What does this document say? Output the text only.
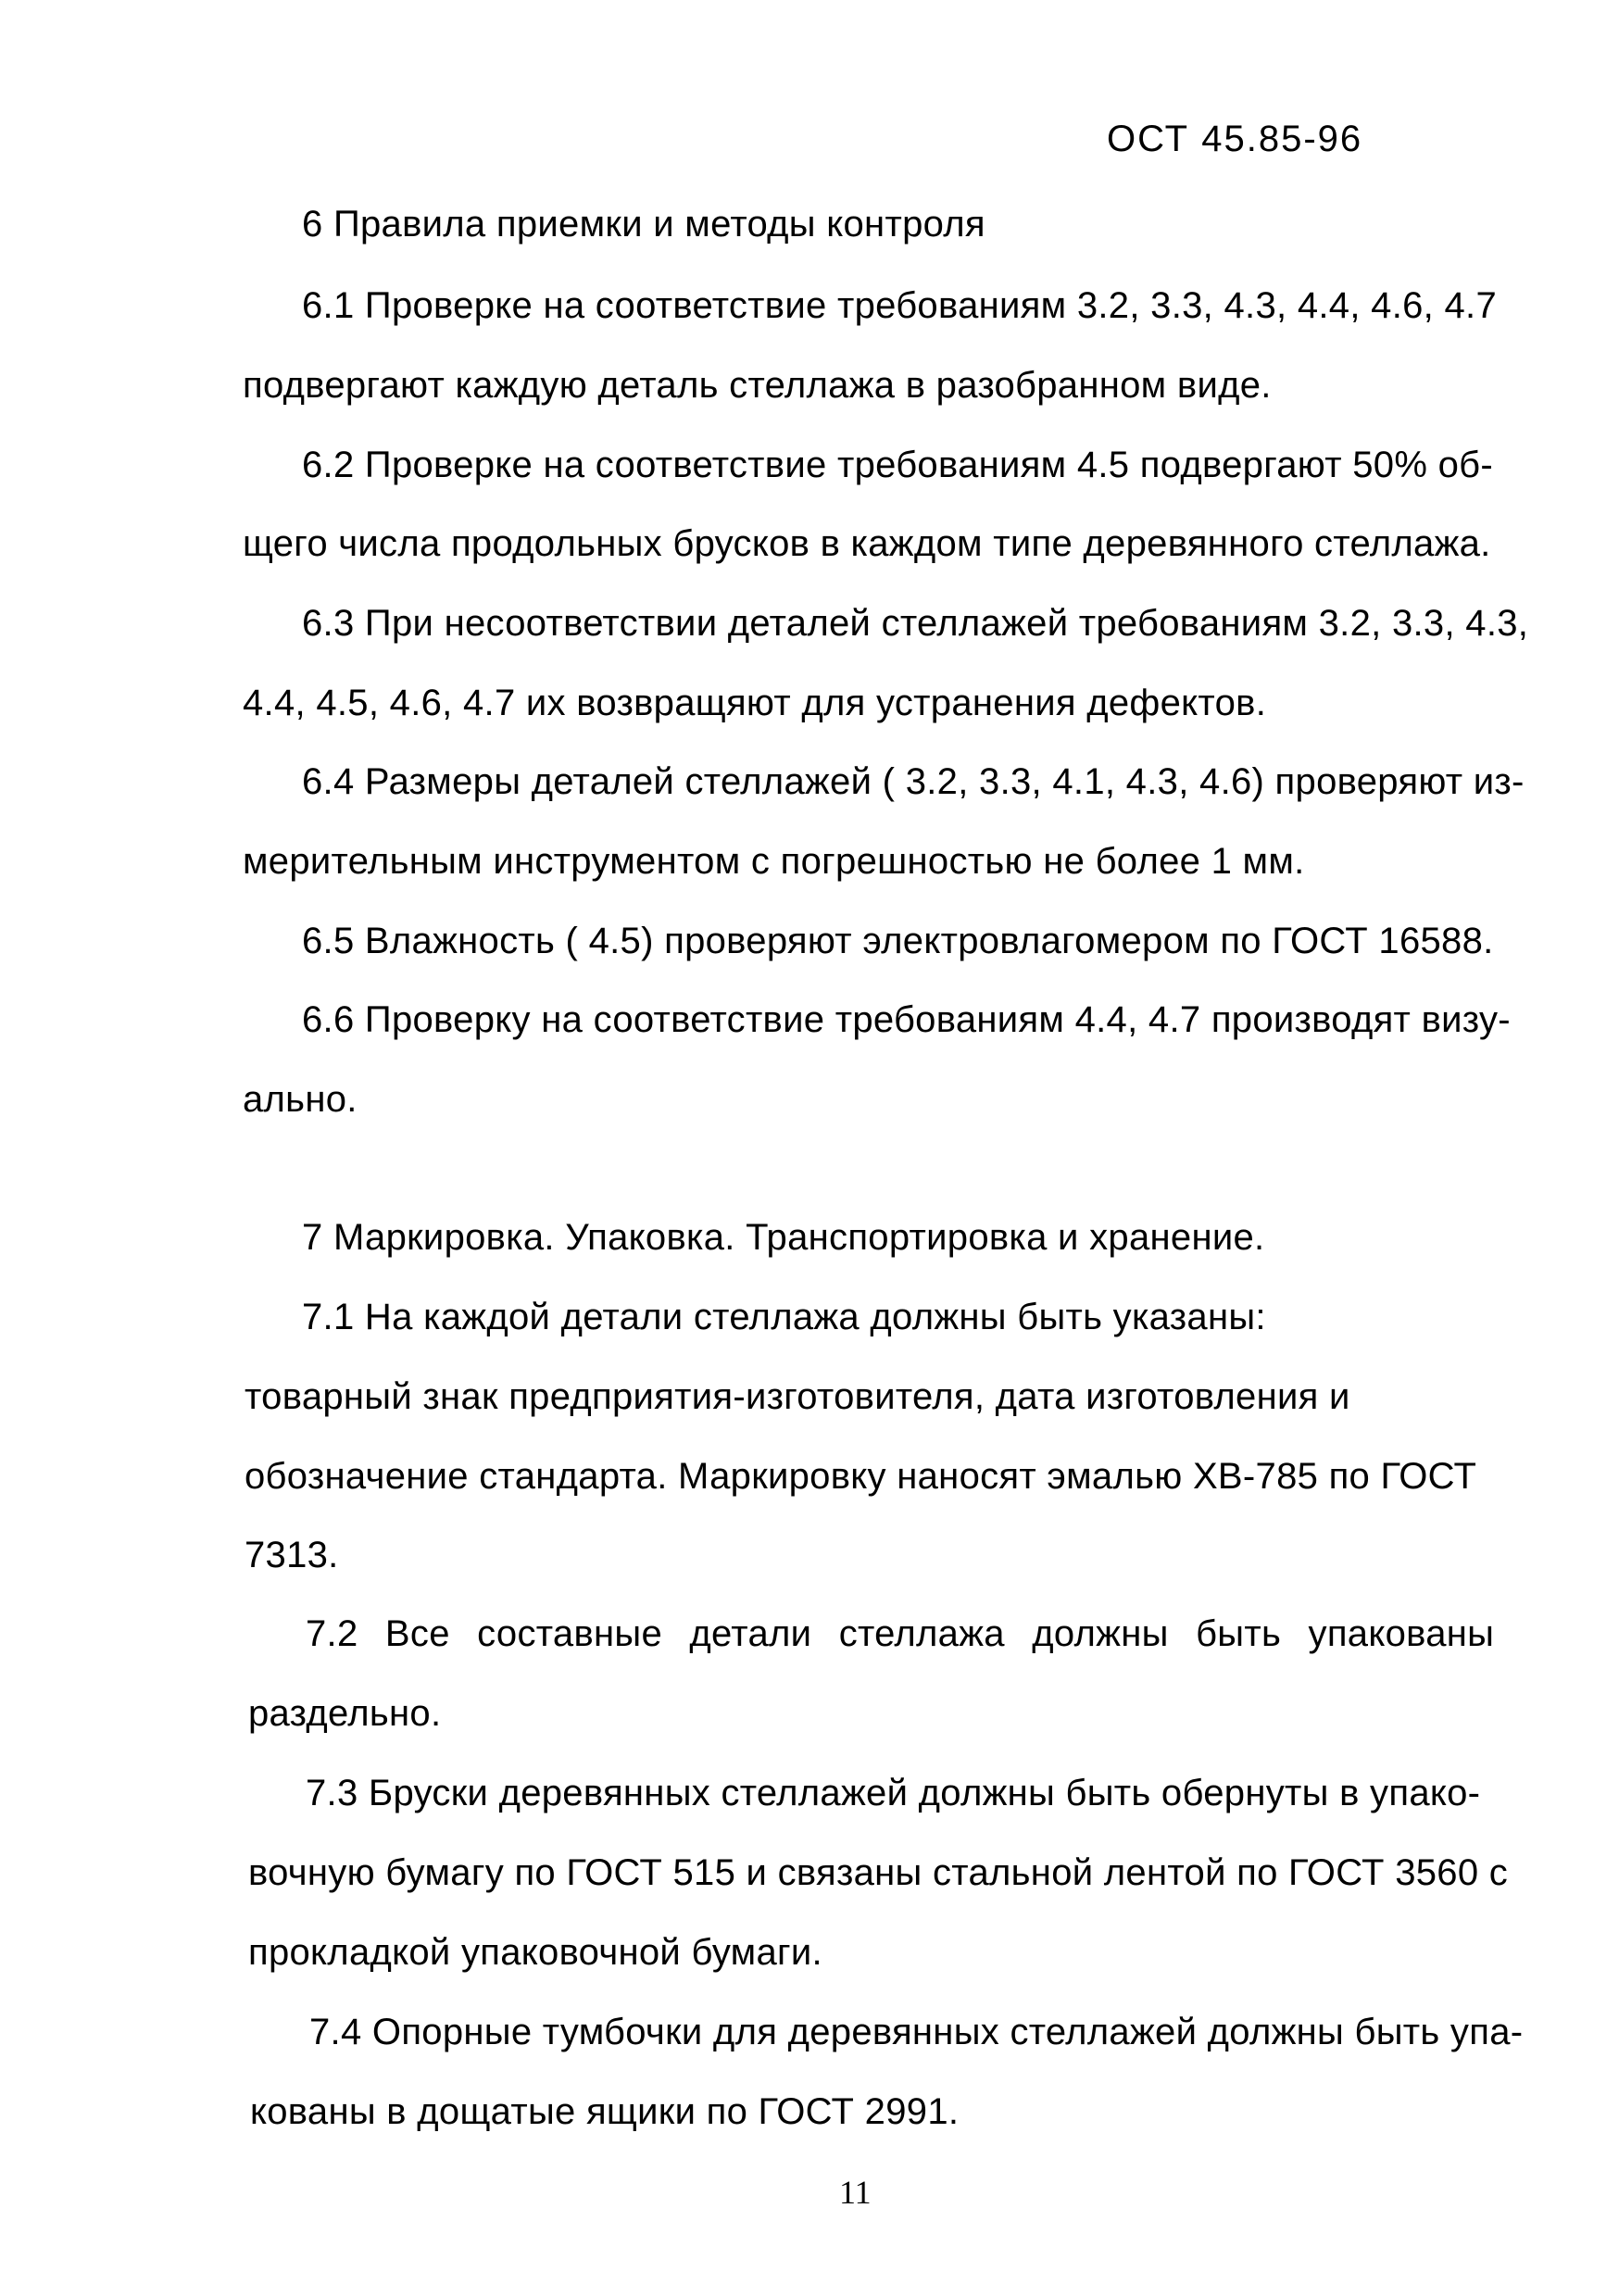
ОСТ 45.85-96
6 Правила приемки и методы контроля
6.1 Проверке на соответствие требованиям 3.2, 3.3, 4.3, 4.4, 4.6, 4.7
подвергают каждую деталь стеллажа в разобранном виде.
6.2 Проверке на соответствие требованиям 4.5 подвергают 50% об-
щего числа продольных брусков в каждом типе деревянного стеллажа.
6.3 При несоответствии деталей стеллажей требованиям 3.2, 3.3, 4.3,
4.4, 4.5, 4.6, 4.7 их возвращяют для устранения дефектов.
6.4 Размеры деталей стеллажей ( 3.2, 3.3, 4.1, 4.3, 4.6) проверяют из-
мерительным инструментом с погрешностью не более 1 мм.
6.5 Влажность ( 4.5) проверяют электровлагомером по ГОСТ 16588.
6.6 Проверку на соответствие требованиям 4.4, 4.7 производят визу-
ально.
7 Маркировка. Упаковка. Транспортировка и хранение.
7.1 На каждой детали стеллажа должны быть указаны:
товарный знак предприятия-изготовителя, дата изготовления и
обозначение стандарта. Маркировку наносят эмалью ХВ-785 по ГОСТ
7313.
7.2 Все составные детали стеллажа должны быть упакованы
раздельно.
7.3 Бруски деревянных стеллажей должны быть обернуты в упако-
вочную бумагу по ГОСТ 515 и связаны стальной лентой по ГОСТ 3560 с
прокладкой упаковочной бумаги.
7.4 Опорные тумбочки для деревянных стеллажей должны быть упа-
кованы в дощатые ящики по ГОСТ 2991.
11
